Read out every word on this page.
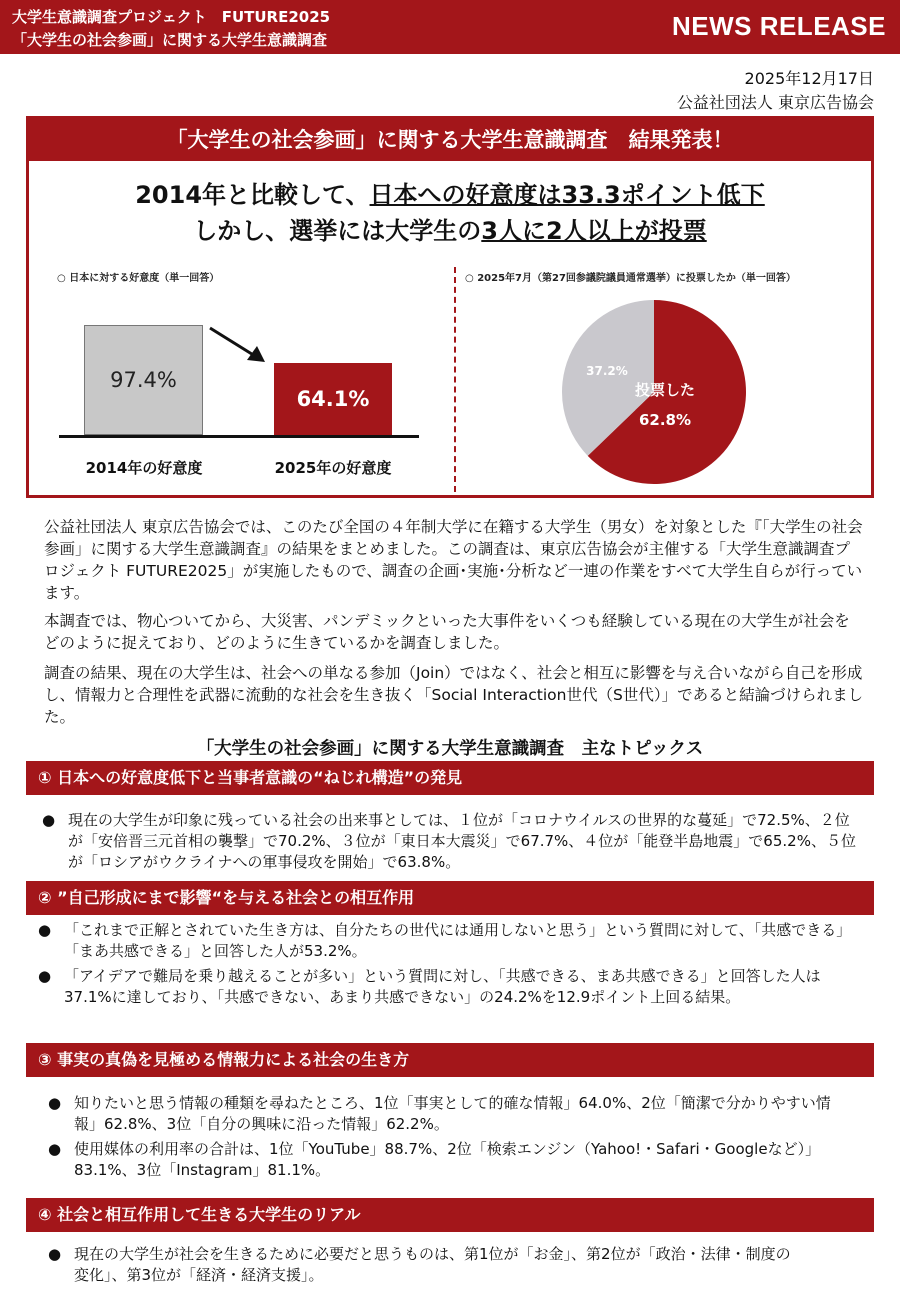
大学生意識調査プロジェクト　FUTURE2025
「大学生の社会参画」に関する大学生意識調査	NEWS RELEASE
2025年12月17日
公益社団法人 東京広告協会
「大学生の社会参画」に関する大学生意識調査　結果発表！
2014年と比較して、日本への好意度は33.3ポイント低下
しかし、選挙には大学生の3人に2人以上が投票
○ 日本に対する好意度（単一回答）	○ 2025年7月（第27回参議院議員通常選挙）に投票したか（単一回答）
97.4%
64.1%
2014年の好意度	2025年の好意度
投票した
62.8%
37.2%
公益社団法人 東京広告協会では、このたび全国の４年制大学に在籍する大学生（男女）を対象とした『「大学生の社会参画」に関する大学生意識調査』の結果をまとめました。この調査は、東京広告協会が主催する「大学生意識調査プロジェクト FUTURE2025」が実施したもので、調査の企画･実施･分析など一連の作業をすべて大学生自らが行っています。
本調査では、物心ついてから、大災害、パンデミックといった大事件をいくつも経験している現在の大学生が社会をどのように捉えており、どのように生きているかを調査しました。
調査の結果、現在の大学生は、社会への単なる参加（Join）ではなく、社会と相互に影響を与え合いながら自己を形成し、情報力と合理性を武器に流動的な社会を生き抜く「Social Interaction世代（S世代）」であると結論づけられました。
「大学生の社会参画」に関する大学生意識調査　主なトピックス
① 日本への好意度低下と当事者意識の“ねじれ構造”の発見
● 現在の大学生が印象に残っている社会の出来事としては、１位が「コロナウイルスの世界的な蔓延」で72.5%、２位が「安倍晋三元首相の襲撃」で70.2%、３位が「東日本大震災」で67.7%、４位が「能登半島地震」で65.2%、５位が「ロシアがウクライナへの軍事侵攻を開始」で63.8%。
② ”自己形成にまで影響“を与える社会との相互作用
● 「これまで正解とされていた生き方は、自分たちの世代には通用しないと思う」という質問に対して、「共感できる」「まあ共感できる」と回答した人が53.2%。
● 「アイデアで難局を乗り越えることが多い」という質問に対し、「共感できる、まあ共感できる」と回答した人は37.1%に達しており、「共感できない、あまり共感できない」の24.2%を12.9ポイント上回る結果。
③ 事実の真偽を見極める情報力による社会の生き方
● 知りたいと思う情報の種類を尋ねたところ、1位「事実として的確な情報」64.0%、2位「簡潔で分かりやすい情報」62.8%、3位「自分の興味に沿った情報」62.2%。
● 使用媒体の利用率の合計は、1位「YouTube」88.7%、2位「検索エンジン（Yahoo!・Safari・Googleなど）」83.1%、3位「Instagram」81.1%。
④ 社会と相互作用して生きる大学生のリアル
● 現在の大学生が社会を生きるために必要だと思うものは、第1位が「お金」、第2位が「政治・法律・制度の変化」、第3位が「経済・経済支援」。
